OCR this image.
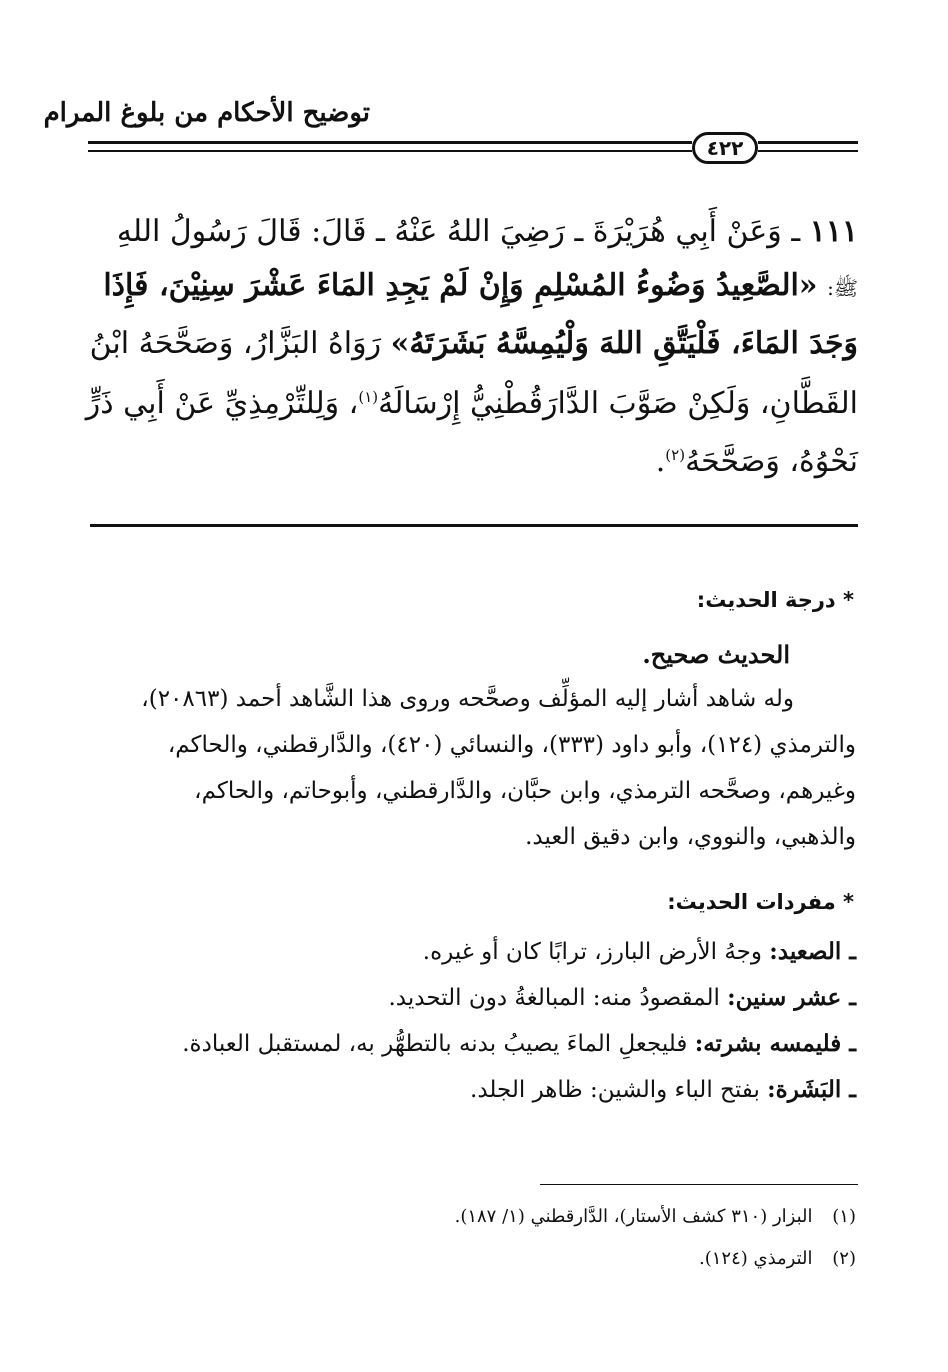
توضيح الأحكام من بلوغ المرام
٤٢٢
١١١ ـ وَعَنْ أَبِي هُرَيْرَةَ ـ رَضِيَ اللهُ عَنْهُ ـ قَالَ: قَالَ رَسُولُ اللهِ
ﷺ: «الصَّعِيدُ وَضُوءُ المُسْلِمِ وَإِنْ لَمْ يَجِدِ المَاءَ عَشْرَ سِنِيْنَ، فَإِذَا
وَجَدَ المَاءَ، فَلْيَتَّقِ اللهَ وَلْيُمِسَّهُ بَشَرَتَهُ» رَوَاهُ البَزَّارُ، وَصَحَّحَهُ ابْنُ
القَطَّانِ، وَلَكِنْ صَوَّبَ الدَّارَقُطْنِيُّ إِرْسَالَهُ$^{(١)}$، وَلِلتِّرْمِذِيِّ عَنْ أَبِي ذَرٍّ
نَحْوُهُ، وَصَحَّحَهُ$^{(٢)}$.
* درجة الحديث:
الحديث صحيح.
وله شاهد أشار إليه المؤلِّف وصحَّحه وروى هذا الشَّاهد أحمد (٢٠٨٦٣)،
والترمذي (١٢٤)، وأبو داود (٣٣٣)، والنسائي (٤٢٠)، والدَّارقطني، والحاكم،
وغيرهم، وصحَّحه الترمذي، وابن حبَّان، والدَّارقطني، وأبوحاتم، والحاكم،
والذهبي، والنووي، وابن دقيق العيد.
* مفردات الحديث:
ـ الصعيد: وجهُ الأرض البارز، ترابًا كان أو غيره.
ـ عشر سنين: المقصودُ منه: المبالغةُ دون التحديد.
ـ فليمسه بشرته: فليجعلِ الماءَ يصيبُ بدنه بالتطهُّر به، لمستقبل العبادة.
ـ البَشَرة: بفتح الباء والشين: ظاهر الجلد.
(١) البزار (٣١٠ كشف الأستار)، الدَّارقطني (١/ ١٨٧).
(٢) الترمذي (١٢٤).
